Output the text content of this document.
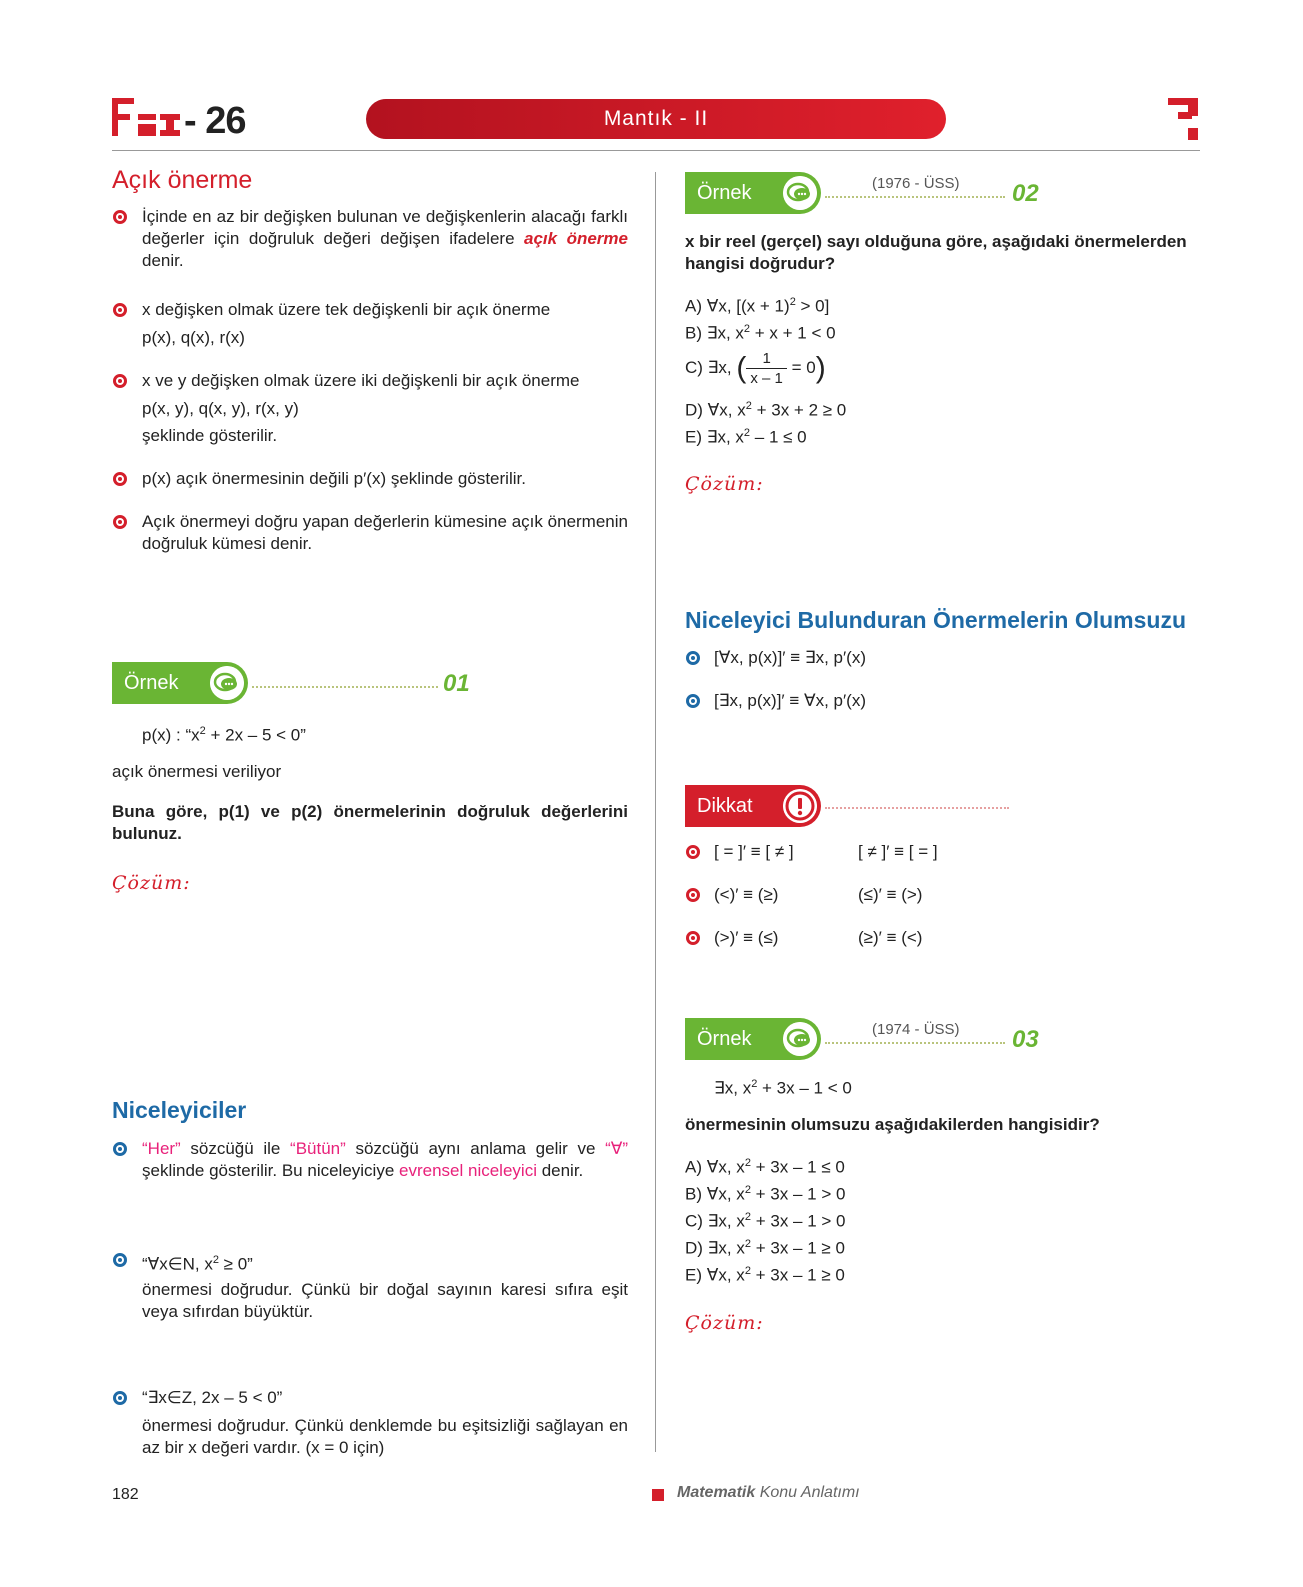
- 26	Mantık - II
Açık önerme
İçinde en az bir değişken bulunan ve değişkenlerin alacağı farklı değerler için doğruluk değeri değişen ifadelere açık önerme denir.
x değişken olmak üzere tek değişkenli bir açık önerme
p(x), q(x), r(x)
x ve y değişken olmak üzere iki değişkenli bir açık önerme
p(x, y), q(x, y), r(x, y)
şeklinde gösterilir.
p(x) açık önermesinin değili p′(x) şeklinde gösterilir.
Açık önermeyi doğru yapan değerlerin kümesine açık önermenin doğruluk kümesi denir.
Örnek	01
p(x) : “$x^2 + 2x - 5 < 0$”
açık önermesi veriliyor
Buna göre, p(1) ve p(2) önermelerinin doğruluk değerlerini bulunuz.
Çözüm:
Niceleyiciler
“Her” sözcüğü ile “Bütün” sözcüğü aynı anlama gelir ve “∀” şeklinde gösterilir. Bu niceleyiciye evrensel niceleyici denir.
“∀x∈N, $x^2 \ge 0$”
önermesi doğrudur. Çünkü bir doğal sayının karesi sıfıra eşit veya sıfırdan büyüktür.
“∃x∈Z, 2x – 5 < 0”
önermesi doğrudur. Çünkü denklemde bu eşitsizliği sağlayan en az bir x değeri vardır. (x = 0 için)
Örnek	(1976 - ÜSS) 02
x bir reel (gerçel) sayı olduğuna göre, aşağıdaki önermelerden hangisi doğrudur?
A) ∀x, $[(x + 1)^2 > 0]$
B) ∃x, $x^2 + x + 1 < 0$
C) ∃x, ( $\frac{1}{x - 1} = 0$)
D) ∀x, $x^2 + 3x + 2 \ge 0$
E) ∃x, $x^2 - 1 \le 0$
Çözüm:
Niceleyici Bulunduran Önermelerin Olumsuzu
[∀x, p(x)]′ ≡ ∃x, p′(x)
[∃x, p(x)]′ ≡ ∀x, p′(x)
Dikkat
[ = ]′ ≡ [ ≠ ]	[ ≠ ]′ ≡ [ = ]
(<)′ ≡ (≥)	(≤)′ ≡ (>)
(>)′ ≡ (≤)	(≥)′ ≡ (<)
Örnek	(1974 - ÜSS) 03
∃x, $x^2 + 3x - 1 < 0$
önermesinin olumsuzu aşağıdakilerden hangisidir?
A) ∀x, $x^2 + 3x - 1 \le 0$
B) ∀x, $x^2 + 3x - 1 > 0$
C) ∃x, $x^2 + 3x - 1 > 0$
D) ∃x, $x^2 + 3x - 1 \ge 0$
E) ∀x, $x^2 + 3x - 1 \ge 0$
Çözüm:
182	Matematik Konu Anlatımı
